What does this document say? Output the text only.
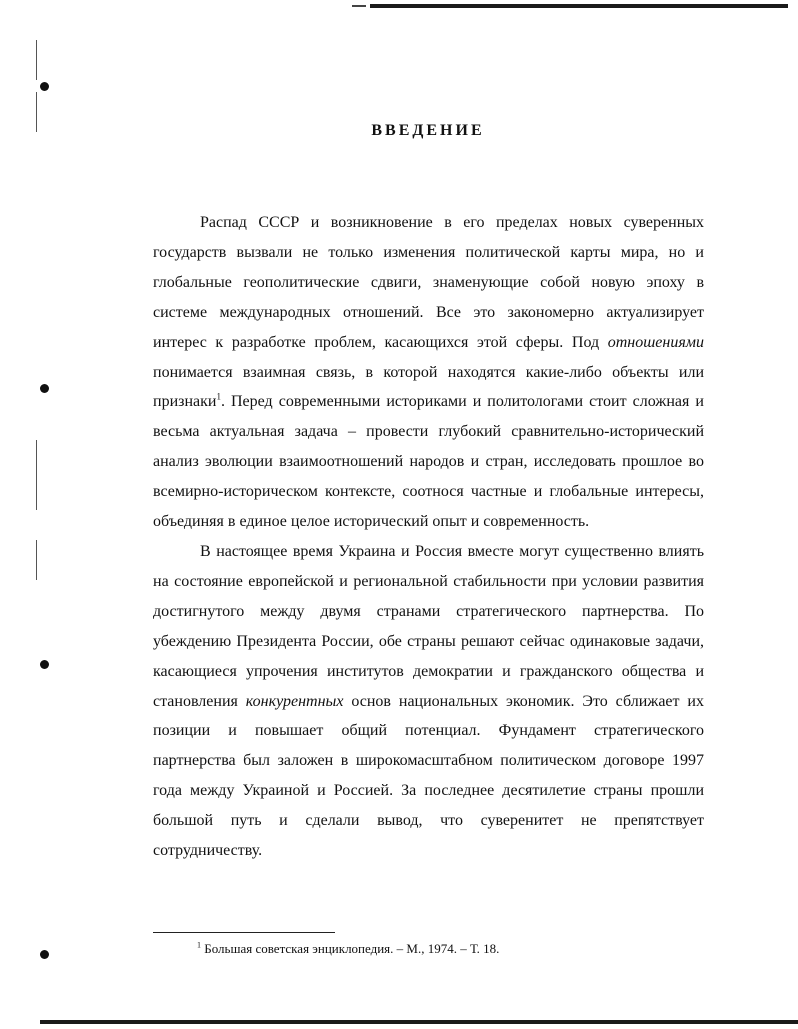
ВВЕДЕНИЕ

Распад СССР и возникновение в его пределах новых суверенных государств вызвали не только изменения политической карты мира, но и глобальные геополитические сдвиги, знаменующие собой новую эпоху в системе международных отношений. Все это закономерно актуализирует интерес к разработке проблем, касающихся этой сферы. Под отношениями понимается взаимная связь, в которой находятся какие-либо объекты или признаки$^1$. Перед современными историками и политологами стоит сложная и весьма актуальная задача – провести глубокий сравнительно-исторический анализ эволюции взаимоотношений народов и стран, исследовать прошлое во всемирно-историческом контексте, соотнося частные и глобальные интересы, объединяя в единое целое исторический опыт и современность.

В настоящее время Украина и Россия вместе могут существенно влиять на состояние европейской и региональной стабильности при условии развития достигнутого между двумя странами стратегического партнерства. По убеждению Президента России, обе страны решают сейчас одинаковые задачи, касающиеся упрочения институтов демократии и гражданского общества и становления конкурентных основ национальных экономик. Это сближает их позиции и повышает общий потенциал. Фундамент стратегического партнерства был заложен в широкомасштабном политическом договоре 1997 года между Украиной и Россией. За последнее десятилетие страны прошли большой путь и сделали вывод, что суверенитет не препятствует сотрудничеству.

$^1$ Большая советская энциклопедия. – М., 1974. – Т. 18.
